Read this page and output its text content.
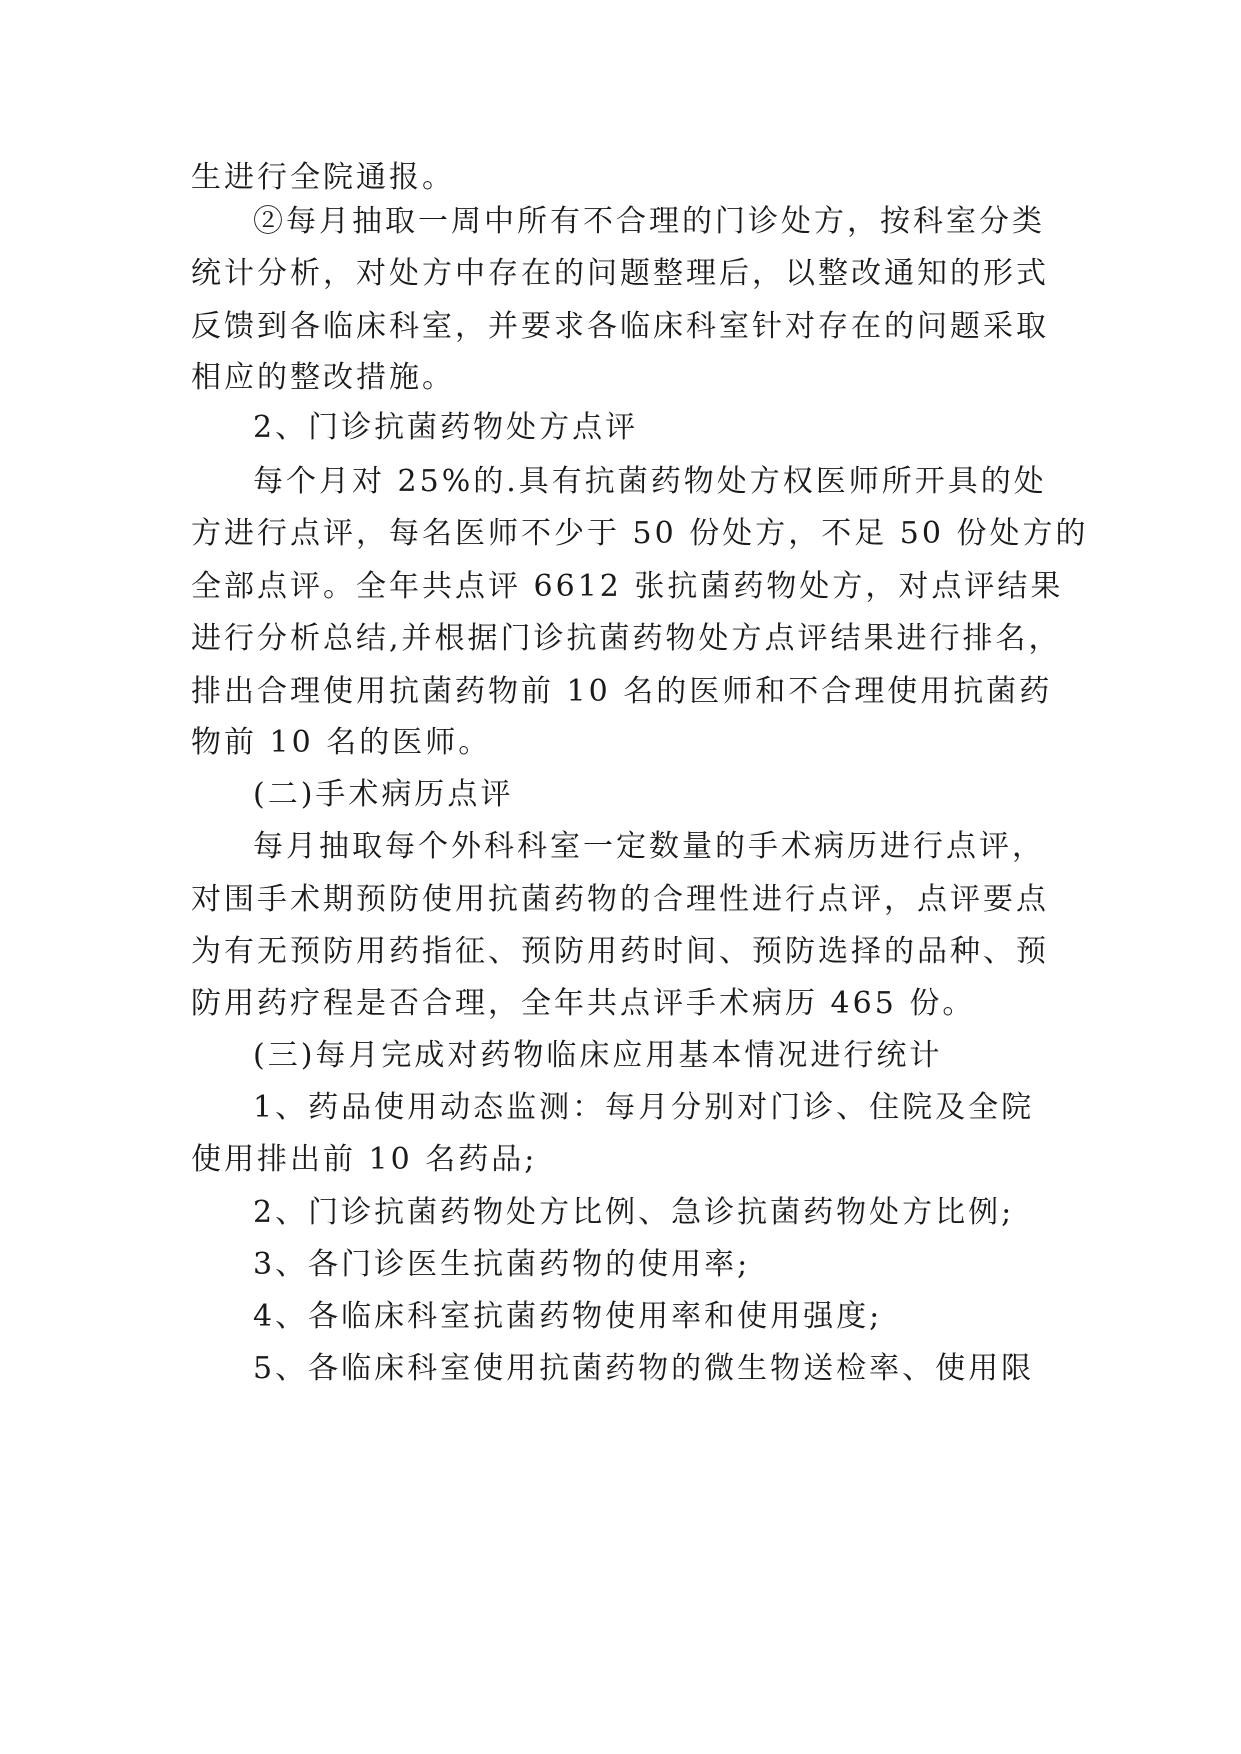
生进行全院通报。
②每月抽取一周中所有不合理的门诊处方，按科室分类
统计分析，对处方中存在的问题整理后，以整改通知的形式
反馈到各临床科室，并要求各临床科室针对存在的问题采取
相应的整改措施。
2、门诊抗菌药物处方点评
每个月对 25%的.具有抗菌药物处方权医师所开具的处
方进行点评，每名医师不少于 50 份处方，不足 50 份处方的
全部点评。全年共点评 6612 张抗菌药物处方，对点评结果
进行分析总结,并根据门诊抗菌药物处方点评结果进行排名，
排出合理使用抗菌药物前 10 名的医师和不合理使用抗菌药
物前 10 名的医师。
(二)手术病历点评
每月抽取每个外科科室一定数量的手术病历进行点评，
对围手术期预防使用抗菌药物的合理性进行点评，点评要点
为有无预防用药指征、预防用药时间、预防选择的品种、预
防用药疗程是否合理，全年共点评手术病历 465 份。
(三)每月完成对药物临床应用基本情况进行统计
1、药品使用动态监测：每月分别对门诊、住院及全院
使用排出前 10 名药品;
2、门诊抗菌药物处方比例、急诊抗菌药物处方比例;
3、各门诊医生抗菌药物的使用率;
4、各临床科室抗菌药物使用率和使用强度;
5、各临床科室使用抗菌药物的微生物送检率、使用限
